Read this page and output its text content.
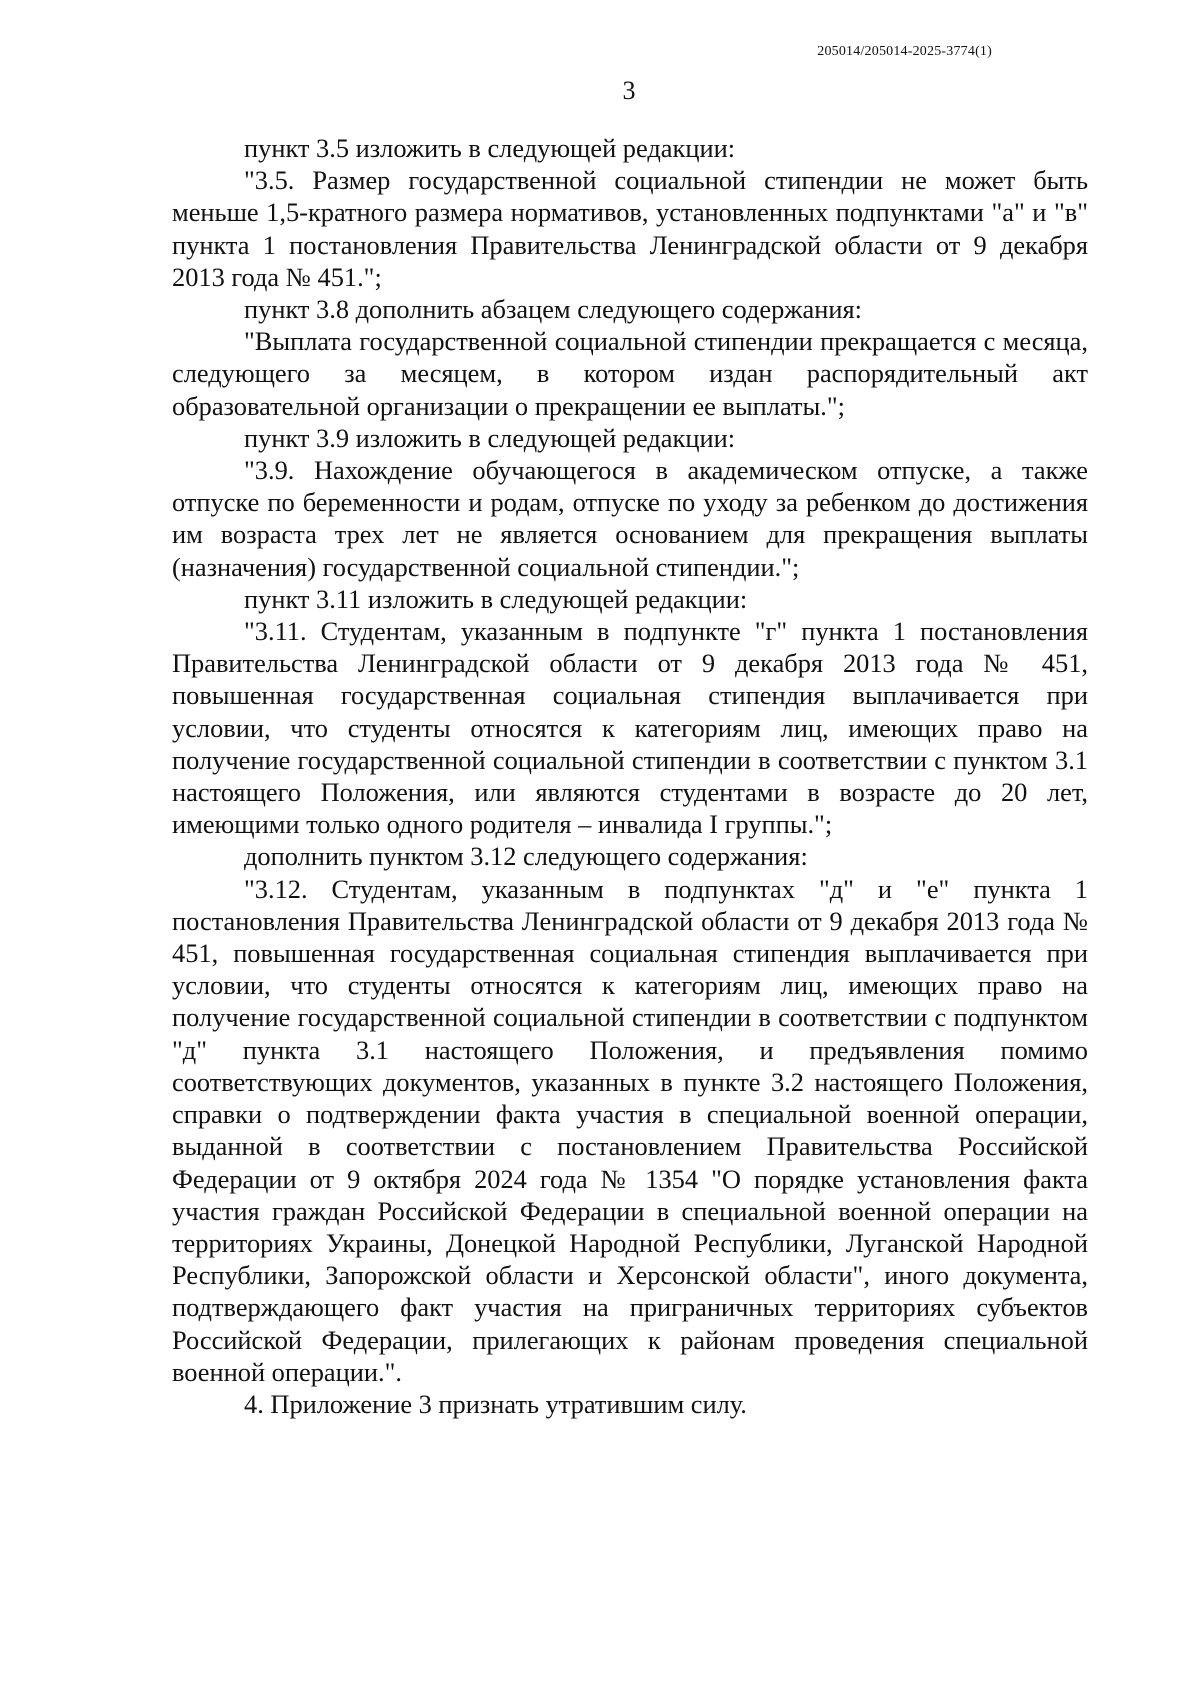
205014/205014-2025-3774(1)
3

пункт 3.5 изложить в следующей редакции:

"3.5. Размер государственной социальной стипендии не может быть меньше 1,5-кратного размера нормативов, установленных подпунктами "а" и "в" пункта 1 постановления Правительства Ленинградской области от 9 декабря 2013 года № 451.";

пункт 3.8 дополнить абзацем следующего содержания:

"Выплата государственной социальной стипендии прекращается с месяца, следующего за месяцем, в котором издан распорядительный акт образовательной организации о прекращении ее выплаты.";

пункт 3.9 изложить в следующей редакции:

"3.9. Нахождение обучающегося в академическом отпуске, а также отпуске по беременности и родам, отпуске по уходу за ребенком до достижения им возраста трех лет не является основанием для прекращения выплаты (назначения) государственной социальной стипендии.";

пункт 3.11 изложить в следующей редакции:

"3.11. Студентам, указанным в подпункте "г" пункта 1 постановления Правительства Ленинградской области от 9 декабря 2013 года № 451, повышенная государственная социальная стипендия выплачивается при условии, что студенты относятся к категориям лиц, имеющих право на получение государственной социальной стипендии в соответствии с пунктом 3.1 настоящего Положения, или являются студентами в возрасте до 20 лет, имеющими только одного родителя – инвалида I группы.";

дополнить пунктом 3.12 следующего содержания:

"3.12. Студентам, указанным в подпунктах "д" и "е" пункта 1 постановления Правительства Ленинградской области от 9 декабря 2013 года № 451, повышенная государственная социальная стипендия выплачивается при условии, что студенты относятся к категориям лиц, имеющих право на получение государственной социальной стипендии в соответствии с подпунктом "д" пункта 3.1 настоящего Положения, и предъявления помимо соответствующих документов, указанных в пункте 3.2 настоящего Положения, справки о подтверждении факта участия в специальной военной операции, выданной в соответствии с постановлением Правительства Российской Федерации от 9 октября 2024 года № 1354 "О порядке установления факта участия граждан Российской Федерации в специальной военной операции на территориях Украины, Донецкой Народной Республики, Луганской Народной Республики, Запорожской области и Херсонской области", иного документа, подтверждающего факт участия на приграничных территориях субъектов Российской Федерации, прилегающих к районам проведения специальной военной операции.".

4. Приложение 3 признать утратившим силу.
